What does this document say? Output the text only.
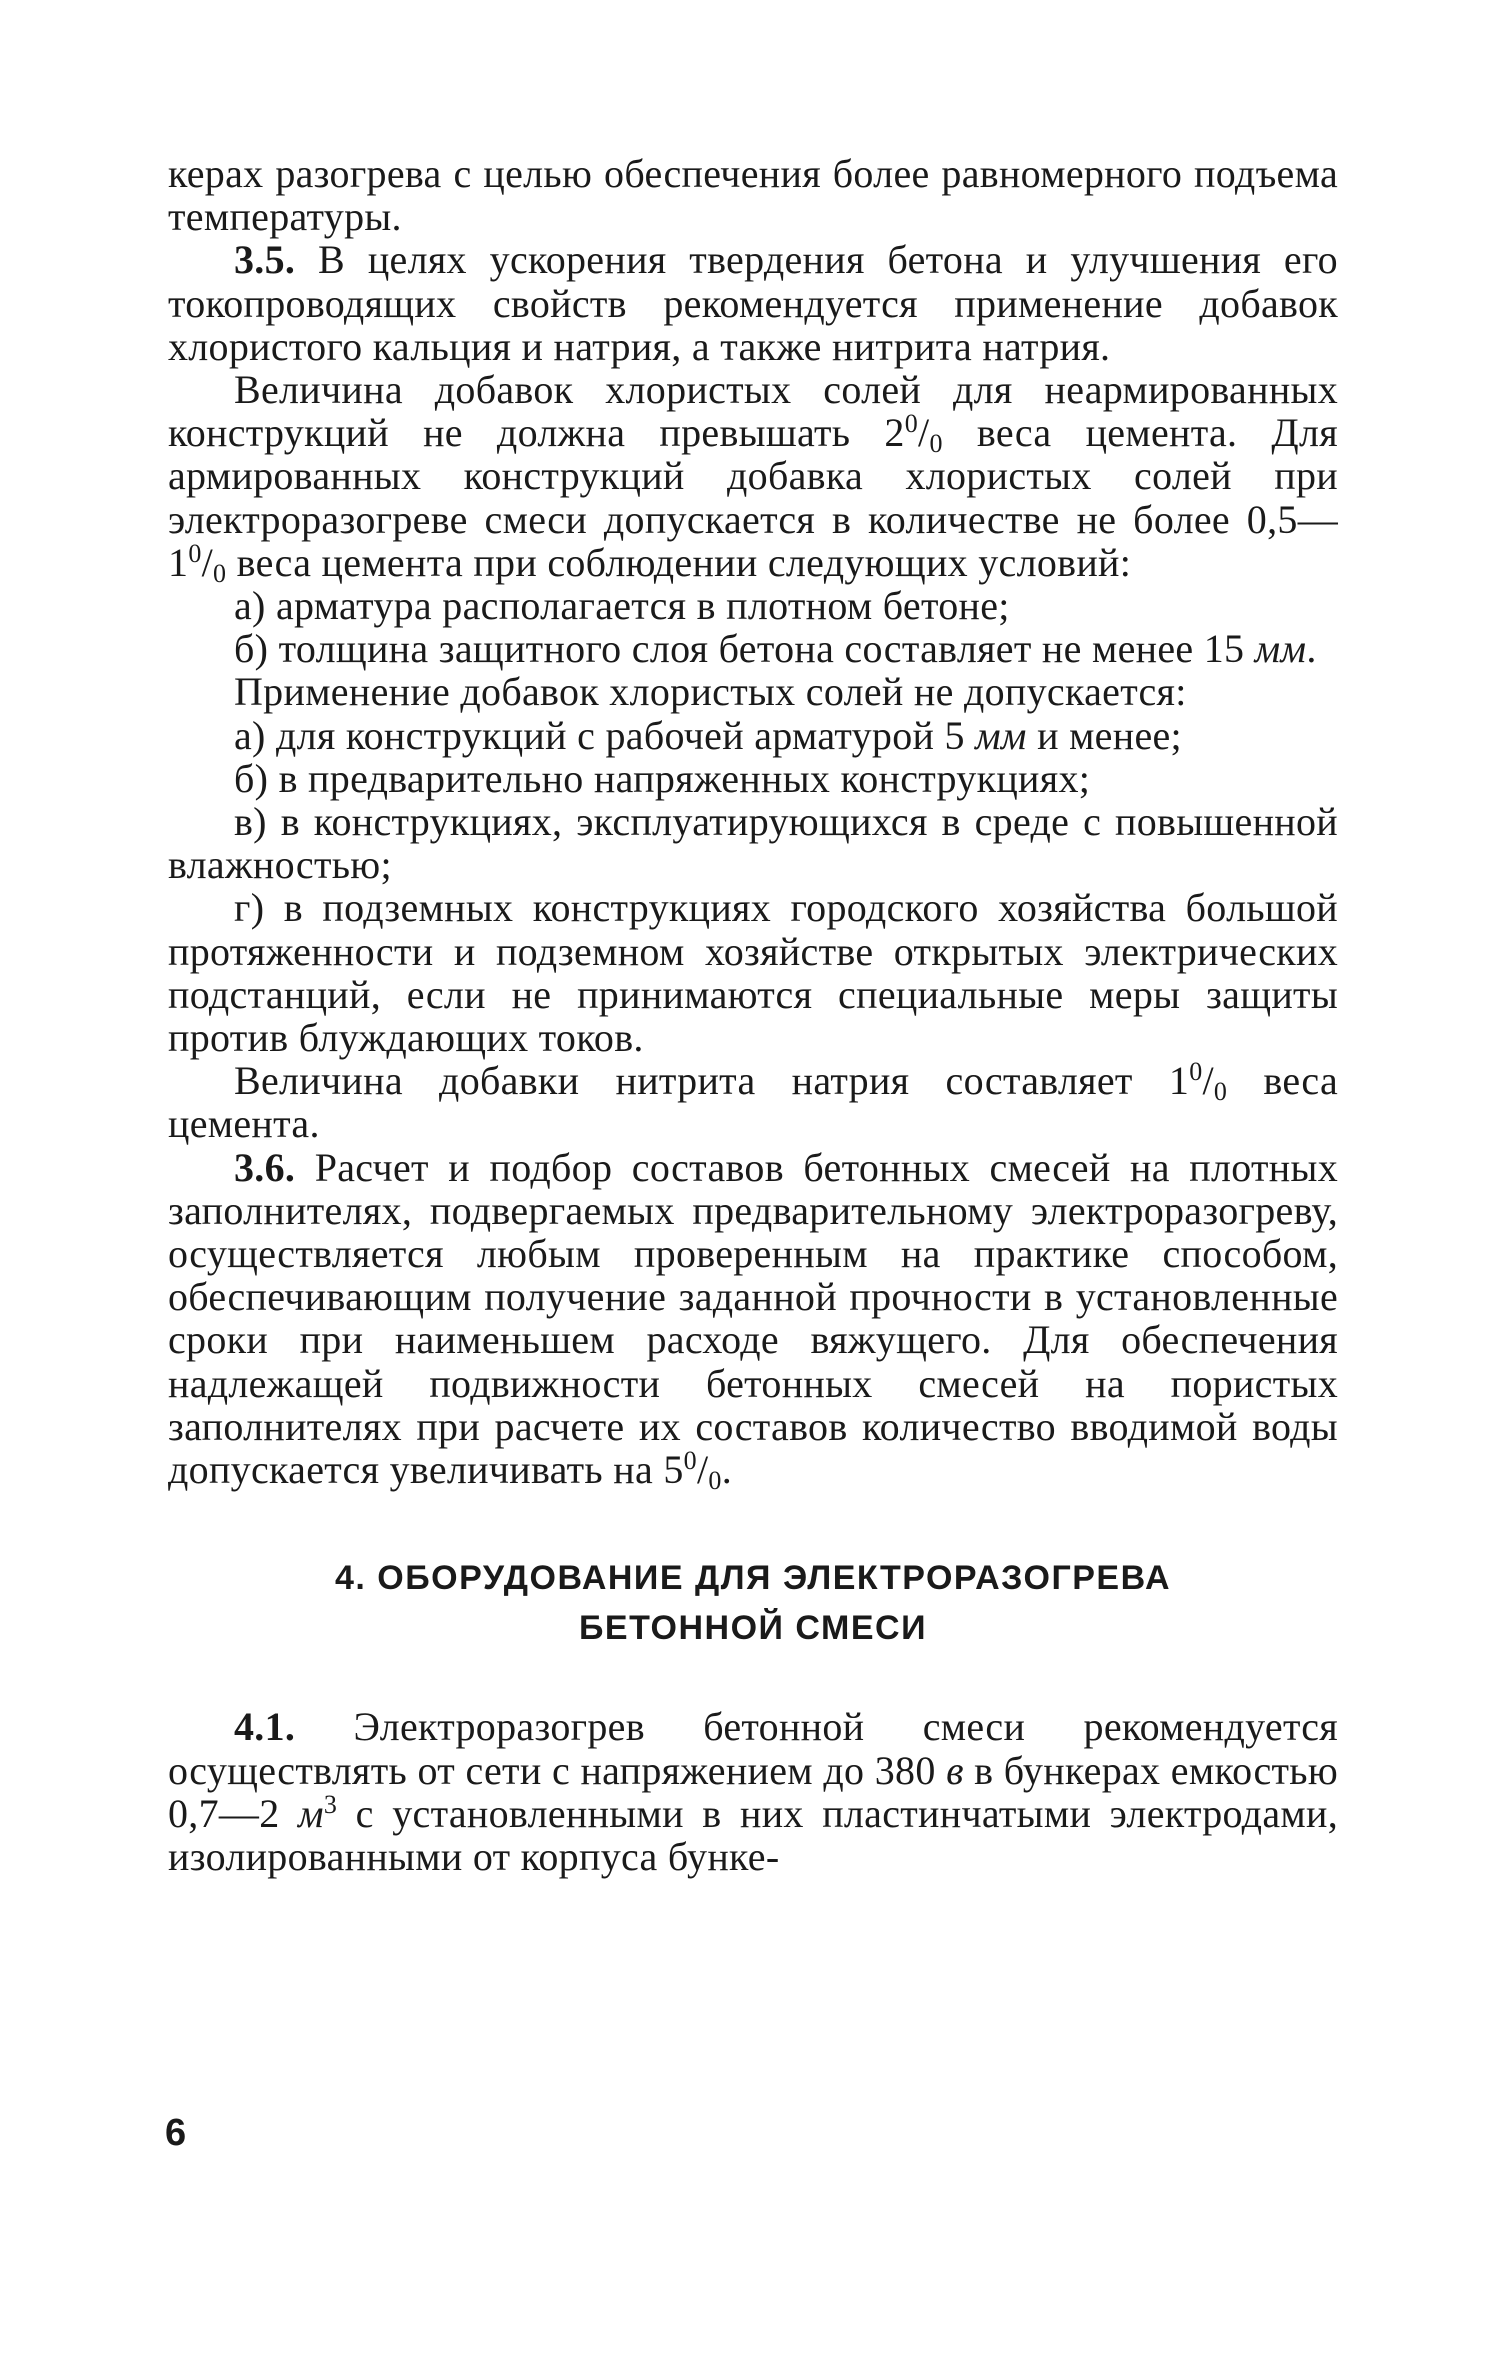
керах разогрева с целью обеспечения более равномерного подъема температуры.

3.5. В целях ускорения твердения бетона и улучшения его токопроводящих свойств рекомендуется применение добавок хлористого кальция и натрия, а также нитрита натрия.

Величина добавок хлористых солей для неармированных конструкций не должна превышать $2^0/_0$ веса цемента. Для армированных конструкций добавка хлористых солей при электроразогреве смеси допускается в количестве не более $0,5—1^0/_0$ веса цемента при соблюдении следующих условий:

а) арматура располагается в плотном бетоне;

б) толщина защитного слоя бетона составляет не менее 15 мм.

Применение добавок хлористых солей не допускается:

а) для конструкций с рабочей арматурой 5 мм и менее;

б) в предварительно напряженных конструкциях;

в) в конструкциях, эксплуатирующихся в среде с повышенной влажностью;

г) в подземных конструкциях городского хозяйства большой протяженности и подземном хозяйстве открытых электрических подстанций, если не принимаются специальные меры защиты против блуждающих токов.

Величина добавки нитрита натрия составляет $1^0/_0$ веса цемента.

3.6. Расчет и подбор составов бетонных смесей на плотных заполнителях, подвергаемых предварительному электроразогреву, осуществляется любым проверенным на практике способом, обеспечивающим получение заданной прочности в установленные сроки при наименьшем расходе вяжущего. Для обеспечения надлежащей подвижности бетонных смесей на пористых заполнителях при расчете их составов количество вводимой воды допускается увеличивать на $5^0/_0$.

4. ОБОРУДОВАНИЕ ДЛЯ ЭЛЕКТРОРАЗОГРЕВА
БЕТОННОЙ СМЕСИ

4.1. Электроразогрев бетонной смеси рекомендуется осуществлять от сети с напряжением до 380 в в бункерах емкостью 0,7—2 $м^3$ с установленными в них пластинчатыми электродами, изолированными от корпуса бунке-

6
